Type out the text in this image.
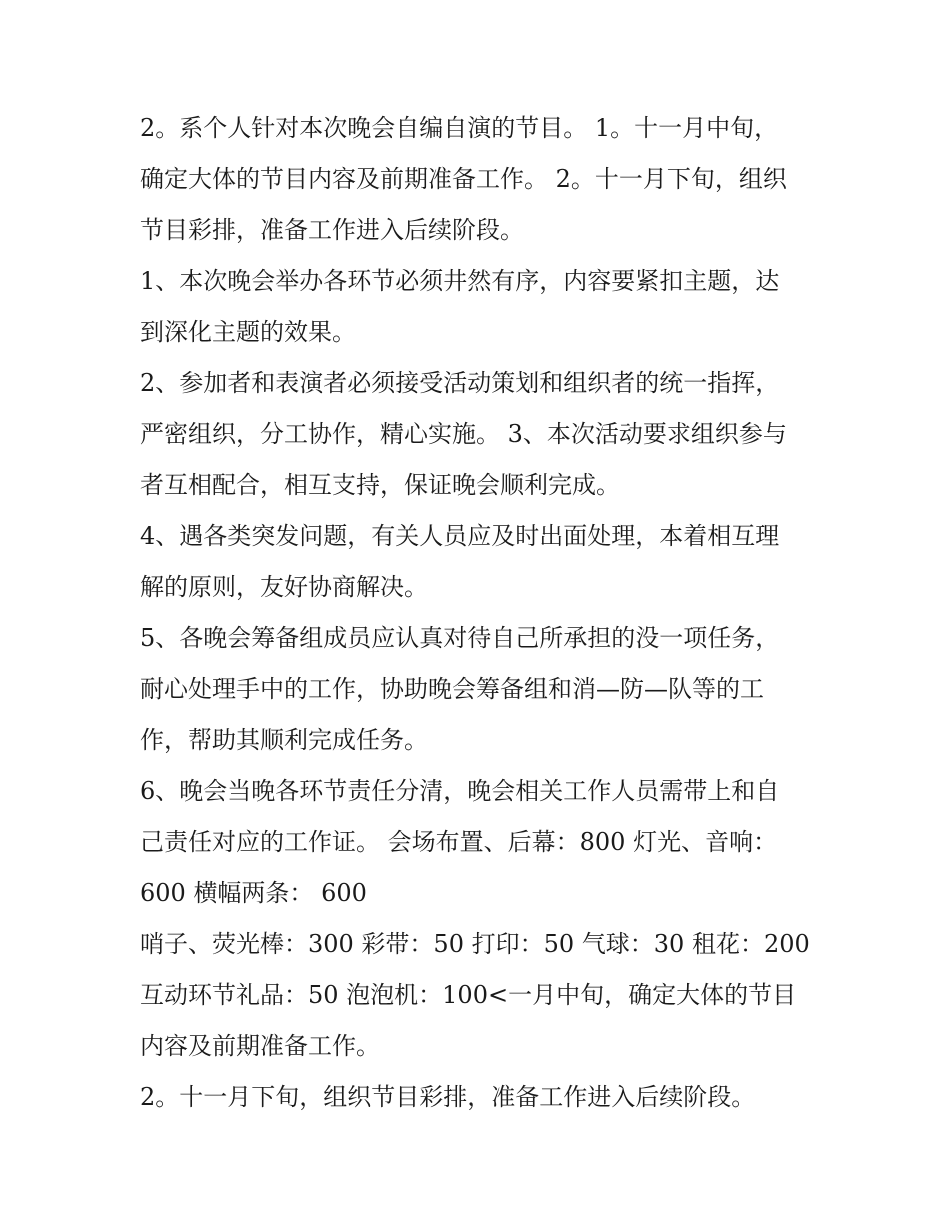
2。系个人针对本次晚会自编自演的节目。 1。十一月中旬，
确定大体的节目内容及前期准备工作。 2。十一月下旬，组织
节目彩排，准备工作进入后续阶段。

1、本次晚会举办各环节必须井然有序，内容要紧扣主题，达
到深化主题的效果。

2、参加者和表演者必须接受活动策划和组织者的统一指挥，
严密组织，分工协作，精心实施。 3、本次活动要求组织参与
者互相配合，相互支持，保证晚会顺利完成。

4、遇各类突发问题，有关人员应及时出面处理，本着相互理
解的原则，友好协商解决。

5、各晚会筹备组成员应认真对待自己所承担的没一项任务，
耐心处理手中的工作，协助晚会筹备组和消—防—队等的工
作，帮助其顺利完成任务。

6、晚会当晚各环节责任分清，晚会相关工作人员需带上和自
己责任对应的工作证。 会场布置、后幕：800 灯光、音响：
600 横幅两条： 600

哨子、荧光棒：300 彩带：50 打印：50 气球：30 租花：200
互动环节礼品：50 泡泡机：100<一月中旬，确定大体的节目
内容及前期准备工作。

2。十一月下旬，组织节目彩排，准备工作进入后续阶段。
